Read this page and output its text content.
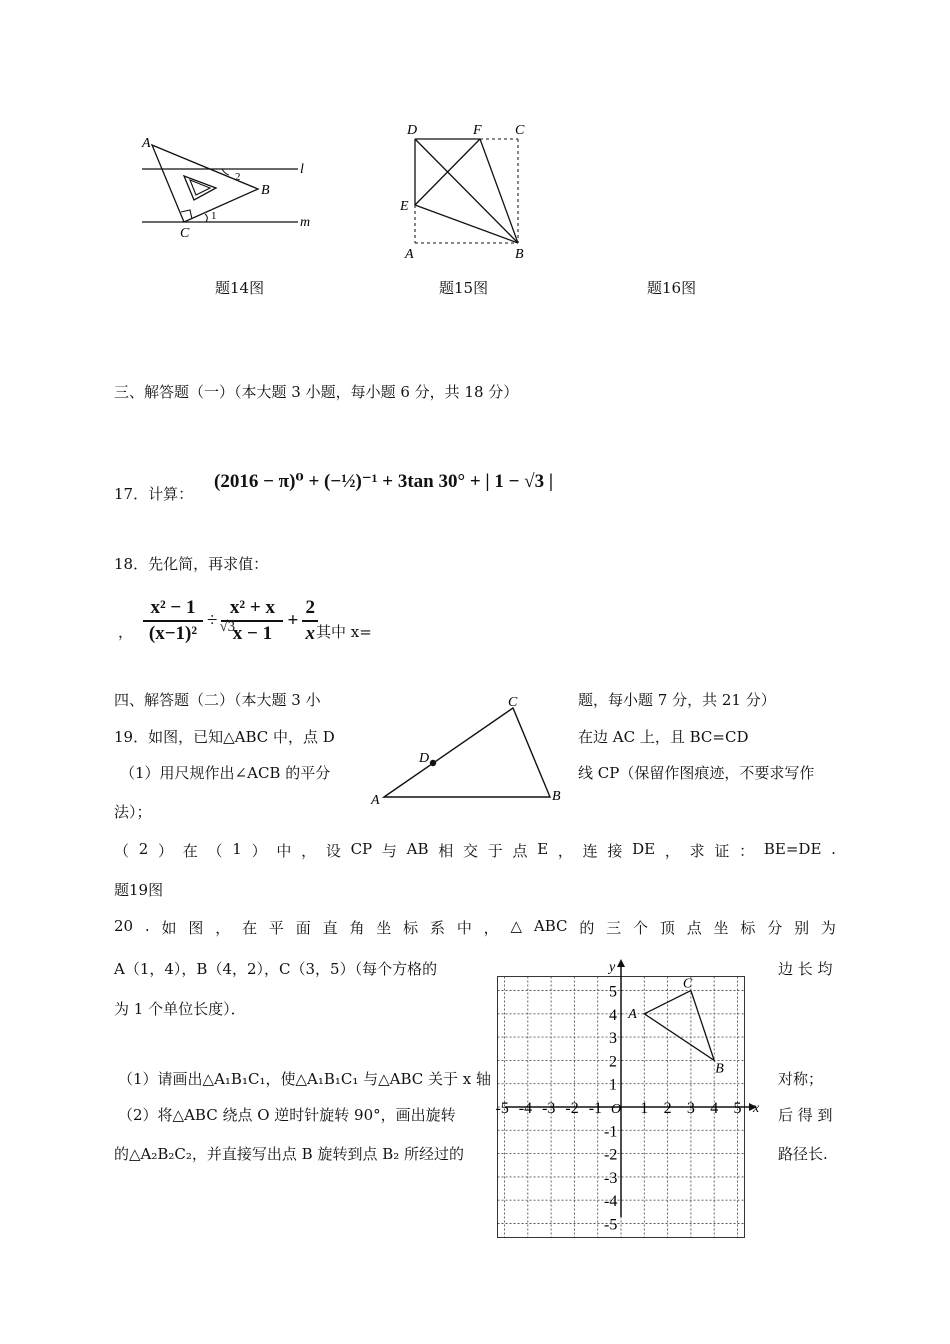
A
B
C
l
m
1
2
题14图
D	F C
E
A	B
题15图	题16图
三、解答题（一）（本大题 3 小题，每小题 6 分，共 18 分）
17．计算：
(2016 − π)⁰ + (−½)⁻¹ + 3tan 30° + | 1 − √3 |
18．先化简，再求值：
，
x² − 1
(x−1)²
÷
x² + x
x − 1
√3	+
2
x 其中 x=
四、解答题（二）（本大题 3 小	题，每小题 7 分，共 21 分）
A	B
C
D
19．如图，已知△ABC 中，点 D	在边 AC 上，且 BC=CD
（1）用尺规作出∠ACB 的平分	线 CP（保留作图痕迹，不要求写作
法）；
（ 2 ） 在 （ 1 ） 中 ， 设 CP 与 AB 相 交 于 点 E ， 连 接 DE ， 求 证 ： BE=DE .
题19图
20 . 如 图 ， 在 平 面 直 角 坐 标 系 中 ， △ ABC 的 三 个 顶 点 坐 标 分 别 为
A（1，4），B（4，2），C（3，5）（每个方格的	边 长 均
为 1 个单位长度）．
（1）请画出△A₁B₁C₁，使△A₁B₁C₁ 与△ABC 关于 x 轴	对称；
（2）将△ABC 绕点 O 逆时针旋转 90°，画出旋转	后 得 到
的△A₂B₂C₂，并直接写出点 B 旋转到点 B₂ 所经过的	路径长.
x
y
O
-5 -4 -3 -2 -1 1 2 3 4 5
5
4
3
2
1
-1
-2
-3
-4
-5
A
B
C
